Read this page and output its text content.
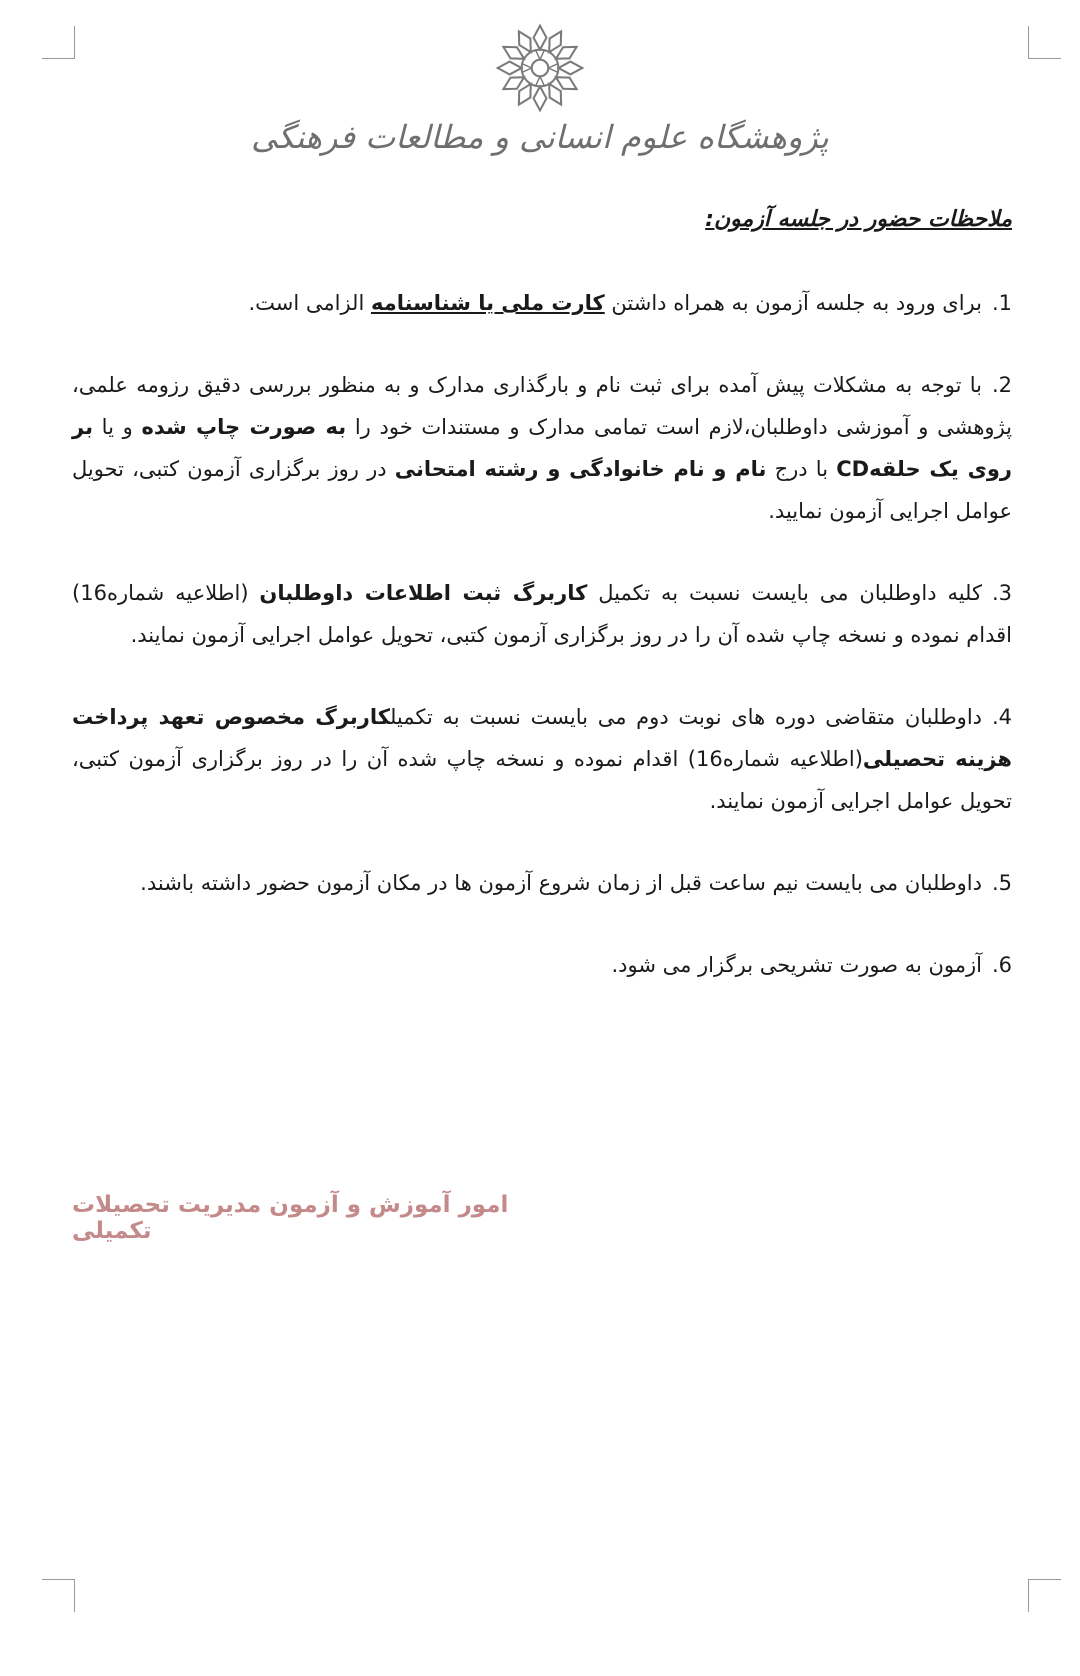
پژوهشگاه علوم انسانی و مطالعات فرهنگی
ملاحظات حضور در جلسه آزمون:

1.برای ورود به جلسه آزمون به همراه داشتن کارت ملی یا شناسنامه الزامی است.

2.با توجه به مشکلات پیش آمده برای ثبت نام و بارگذاری مدارک و به منظور بررسی دقیق رزومه علمی، پژوهشی و آموزشی داوطلبان،لازم است تمامی مدارک و مستندات خود را به صورت چاپ شده و یا بر روی یک حلقهCD با درج نام و نام خانوادگی و رشته امتحانی در روز برگزاری آزمون کتبی، تحویل عوامل اجرایی آزمون نمایید.

3.کلیه داوطلبان می بایست نسبت به تکمیل کاربرگ ثبت اطلاعات داوطلبان (اطلاعیه شماره16) اقدام نموده و نسخه چاپ شده آن را در روز برگزاری آزمون کتبی، تحویل عوامل اجرایی آزمون نمایند.

4.داوطلبان متقاضی دوره های نوبت دوم می بایست نسبت به تکمیلکاربرگ مخصوص تعهد پرداخت هزینه تحصیلی(اطلاعیه شماره16) اقدام نموده و نسخه چاپ شده آن را در روز برگزاری آزمون کتبی، تحویل عوامل اجرایی آزمون نمایند.

5.داوطلبان می بایست نیم ساعت قبل از زمان شروع آزمون ها در مکان آزمون حضور داشته باشند.

6.آزمون به صورت تشریحی برگزار می شود.

امور آموزش و آزمون مدیریت تحصیلات تکمیلی
